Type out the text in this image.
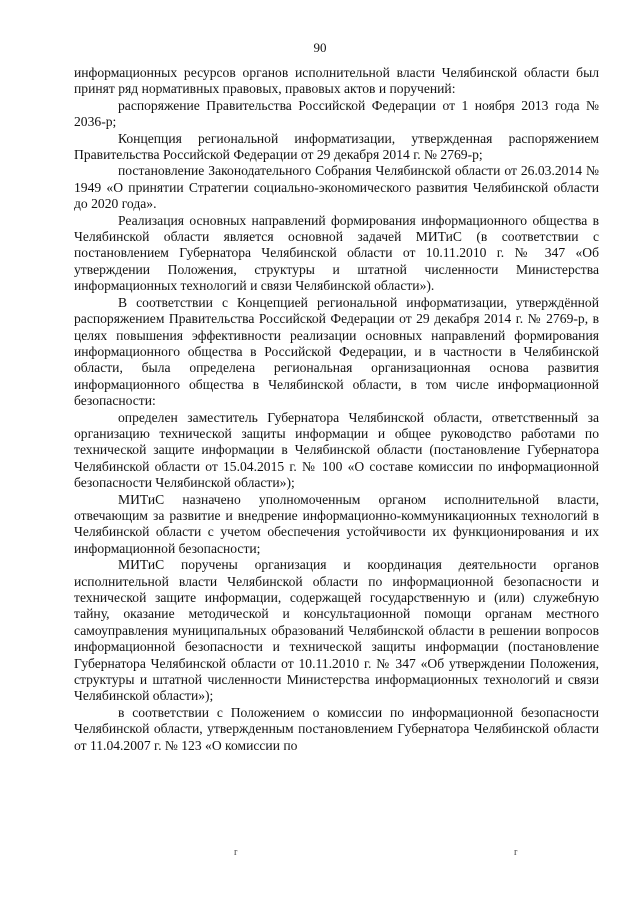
90

информационных ресурсов органов исполнительной власти Челябинской области был принят ряд нормативных правовых, правовых актов и поручений:

распоряжение Правительства Российской Федерации от 1 ноября 2013 года № 2036-р;

Концепция региональной информатизации, утвержденная распоряжением Правительства Российской Федерации от 29 декабря 2014 г. № 2769-р;

постановление Законодательного Собрания Челябинской области от 26.03.2014 № 1949 «О принятии Стратегии социально-экономического развития Челябинской области до 2020 года».

Реализация основных направлений формирования информационного общества в Челябинской области является основной задачей МИТиС (в соответствии с постановлением Губернатора Челябинской области от 10.11.2010 г. № 347 «Об утверждении Положения, структуры и штатной численности Министерства информационных технологий и связи Челябинской области»).

В соответствии с Концепцией региональной информатизации, утверждённой распоряжением Правительства Российской Федерации от 29 декабря 2014 г. № 2769-р, в целях повышения эффективности реализации основных направлений формирования информационного общества в Российской Федерации, и в частности в Челябинской области, была определена региональная организационная основа развития информационного общества в Челябинской области, в том числе информационной безопасности:

определен заместитель Губернатора Челябинской области, ответственный за организацию технической защиты информации и общее руководство работами по технической защите информации в Челябинской области (постановление Губернатора Челябинской области от 15.04.2015 г. № 100 «О составе комиссии по информационной безопасности Челябинской области»);

МИТиС назначено уполномоченным органом исполнительной власти, отвечающим за развитие и внедрение информационно-коммуникационных технологий в Челябинской области с учетом обеспечения устойчивости их функционирования и их информационной безопасности;

МИТиС поручены организация и координация деятельности органов исполнительной власти Челябинской области по информационной безопасности и технической защите информации, содержащей государственную и (или) служебную тайну, оказание методической и консультационной помощи органам местного самоуправления муниципальных образований Челябинской области в решении вопросов информационной безопасности и технической защиты информации (постановление Губернатора Челябинской области от 10.11.2010 г. № 347 «Об утверждении Положения, структуры и штатной численности Министерства информационных технологий и связи Челябинской области»);

в соответствии с Положением о комиссии по информационной безопасности Челябинской области, утвержденным постановлением Губернатора Челябинской области от 11.04.2007 г. № 123 «О комиссии по

r	r
